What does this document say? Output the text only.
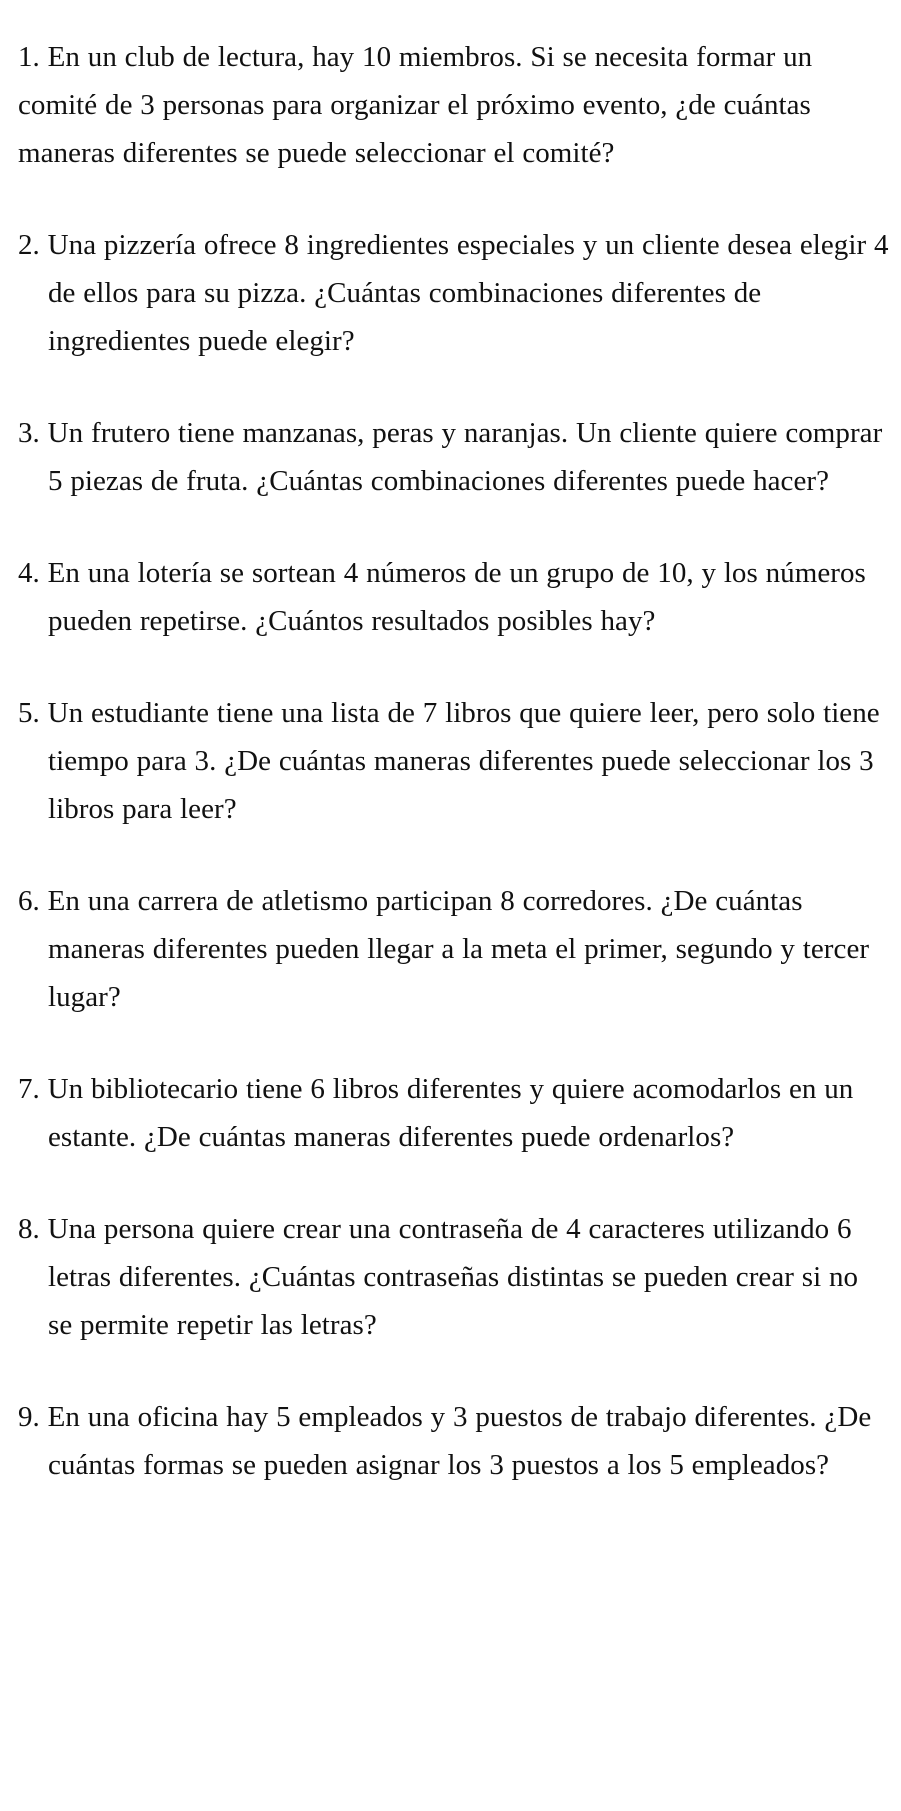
1. En un club de lectura, hay 10 miembros. Si se necesita formar un comité de 3 personas para organizar el próximo evento, ¿de cuántas maneras diferentes se puede seleccionar el comité?

2. Una pizzería ofrece 8 ingredientes especiales y un cliente desea elegir 4 de ellos para su pizza. ¿Cuántas combinaciones diferentes de ingredientes puede elegir?

3. Un frutero tiene manzanas, peras y naranjas. Un cliente quiere comprar 5 piezas de fruta. ¿Cuántas combinaciones diferentes puede hacer?

4. En una lotería se sortean 4 números de un grupo de 10, y los números pueden repetirse. ¿Cuántos resultados posibles hay?

5. Un estudiante tiene una lista de 7 libros que quiere leer, pero solo tiene tiempo para 3. ¿De cuántas maneras diferentes puede seleccionar los 3 libros para leer?

6. En una carrera de atletismo participan 8 corredores. ¿De cuántas maneras diferentes pueden llegar a la meta el primer, segundo y tercer lugar?

7. Un bibliotecario tiene 6 libros diferentes y quiere acomodarlos en un estante. ¿De cuántas maneras diferentes puede ordenarlos?

8. Una persona quiere crear una contraseña de 4 caracteres utilizando 6 letras diferentes. ¿Cuántas contraseñas distintas se pueden crear si no se permite repetir las letras?

9. En una oficina hay 5 empleados y 3 puestos de trabajo diferentes. ¿De cuántas formas se pueden asignar los 3 puestos a los 5 empleados?
